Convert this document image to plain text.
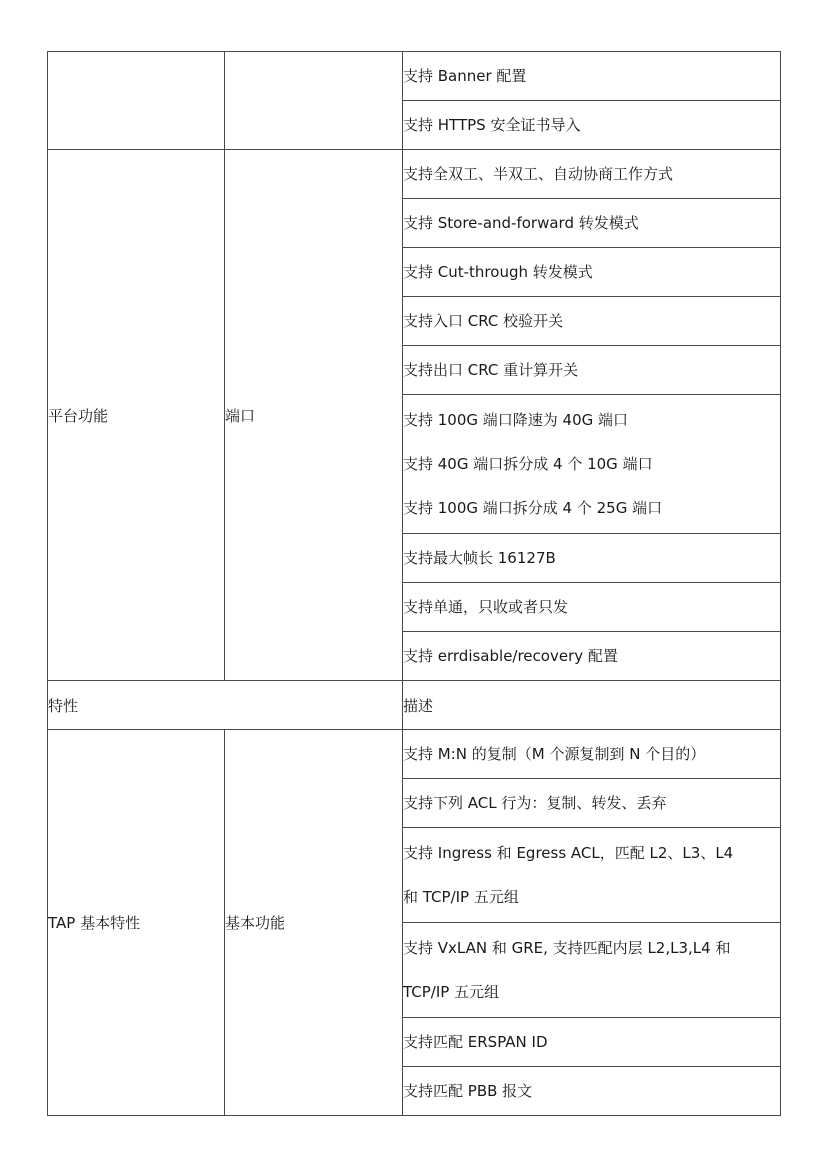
		支持 Banner 配置

		支持 HTTPS 安全证书导入

平台功能	端口	支持全双工、半双工、自动协商工作方式

		支持 Store-and-forward 转发模式

		支持 Cut-through 转发模式

		支持入口 CRC 校验开关

		支持出口 CRC 重计算开关

		支持 100G 端口降速为 40G 端口
支持 40G 端口拆分成 4 个 10G 端口
支持 100G 端口拆分成 4 个 25G 端口

		支持最大帧长 16127B

		支持单通，只收或者只发

		支持 errdisable/recovery 配置

特性		描述
TAP 基本特性	基本功能	支持 M:N 的复制（M 个源复制到 N 个目的）

		支持下列 ACL 行为：复制、转发、丢弃

		支持 Ingress 和 Egress ACL，匹配 L2、L3、L4
和 TCP/IP 五元组

		支持 VxLAN 和 GRE, 支持匹配内层 L2,L3,L4 和
TCP/IP 五元组

		支持匹配 ERSPAN ID

		支持匹配 PBB 报文
